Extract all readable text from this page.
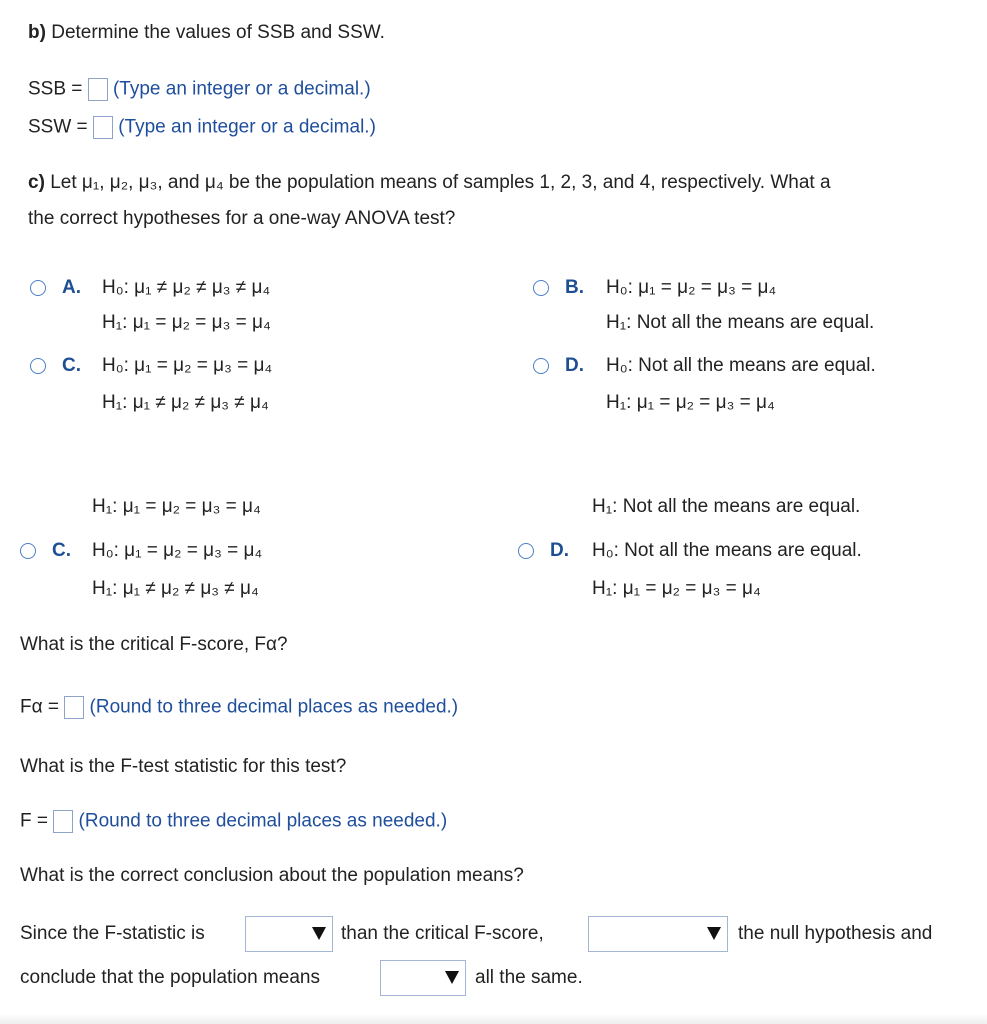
b) Determine the values of SSB and SSW.
SSB = (Type an integer or a decimal.)
SSW = (Type an integer or a decimal.)
c) Let μ₁, μ₂, μ₃, and μ₄ be the population means of samples 1, 2, 3, and 4, respectively. What a
the correct hypotheses for a one-way ANOVA test?
A. H₀: μ₁ ≠ μ₂ ≠ μ₃ ≠ μ₄
H₁: μ₁ = μ₂ = μ₃ = μ₄
B. H₀: μ₁ = μ₂ = μ₃ = μ₄
H₁: Not all the means are equal.
C. H₀: μ₁ = μ₂ = μ₃ = μ₄
H₁: μ₁ ≠ μ₂ ≠ μ₃ ≠ μ₄
D. H₀: Not all the means are equal.
H₁: μ₁ = μ₂ = μ₃ = μ₄
H₁: μ₁ = μ₂ = μ₃ = μ₄	H₁: Not all the means are equal.
C. H₀: μ₁ = μ₂ = μ₃ = μ₄
H₁: μ₁ ≠ μ₂ ≠ μ₃ ≠ μ₄
D. H₀: Not all the means are equal.
H₁: μ₁ = μ₂ = μ₃ = μ₄
What is the critical F-score, Fα?
Fα = (Round to three decimal places as needed.)
What is the F-test statistic for this test?
F = (Round to three decimal places as needed.)
What is the correct conclusion about the population means?
Since the F-statistic is	than the critical F-score,	the null hypothesis and
conclude that the population means	all the same.
